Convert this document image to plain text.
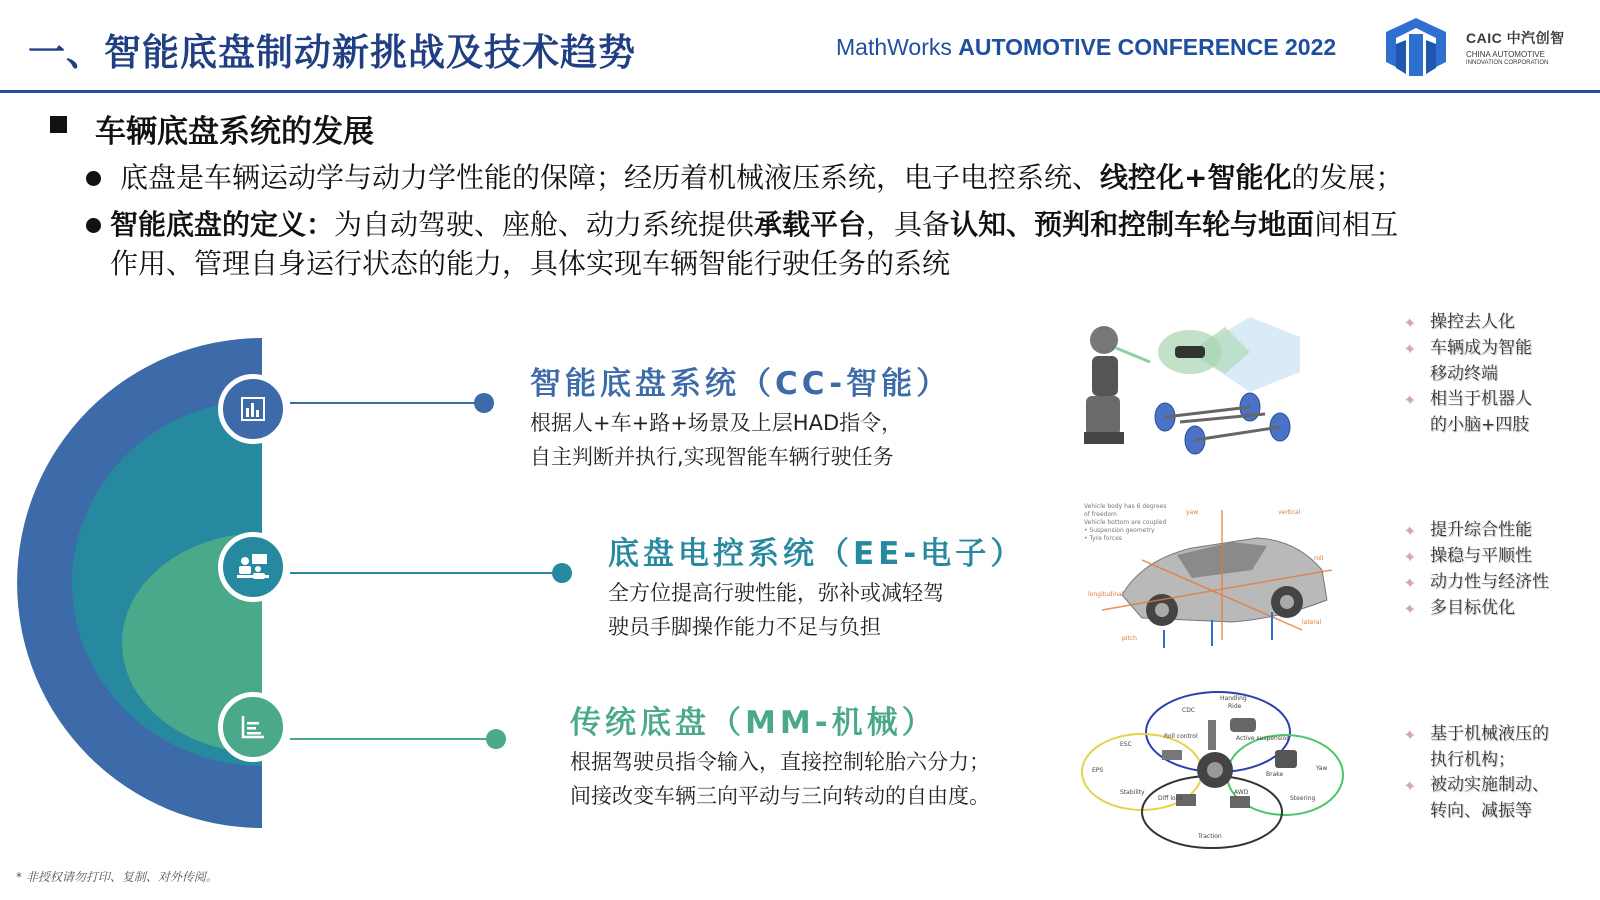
一、智能底盘制动新挑战及技术趋势	MathWorks AUTOMOTIVE CONFERENCE 2022	CAIC 中汽创智
CHINA AUTOMOTIVE
INNOVATION CORPORATION
车辆底盘系统的发展
底盘是车辆运动学与动力学性能的保障；经历着机械液压系统，电子电控系统、线控化+智能化的发展；
智能底盘的定义：为自动驾驶、座舱、动力系统提供承载平台，具备认知、预判和控制车轮与地面间相互
作用、管理自身运行状态的能力，具体实现车辆智能行驶任务的系统
智能底盘系统（CC-智能）
根据人+车+路+场景及上层HAD指令，
自主判断并执行,实现智能车辆行驶任务
底盘电控系统（EE-电子）
全方位提高行驶性能，弥补或减轻驾
驶员手脚操作能力不足与负担
传统底盘（MM-机械）
根据驾驶员指令输入，直接控制轮胎六分力；
间接改变车辆三向平动与三向转动的自由度。
Vehicle body has 6 degrees
of freedom
Vehicle bottom are coupled
• Suspension geometry
• Tyre forces
longitudinal
vertical
lateral
yaw
roll
pitch
Handling
Ride
CDC
Roll control	Active suspension
ESC
Brake
Steering
EPS
Diff lock
AWD
Traction
Stability
Yaw
✦ 操控去人化
✦ 车辆成为智能
移动终端
✦ 相当于机器人
的小脑+四肢
✦ 提升综合性能
✦ 操稳与平顺性
✦ 动力性与经济性
✦ 多目标优化
✦ 基于机械液压的
执行机构；
✦ 被动实施制动、
转向、减振等
* 非授权请勿打印、复制、对外传阅。
